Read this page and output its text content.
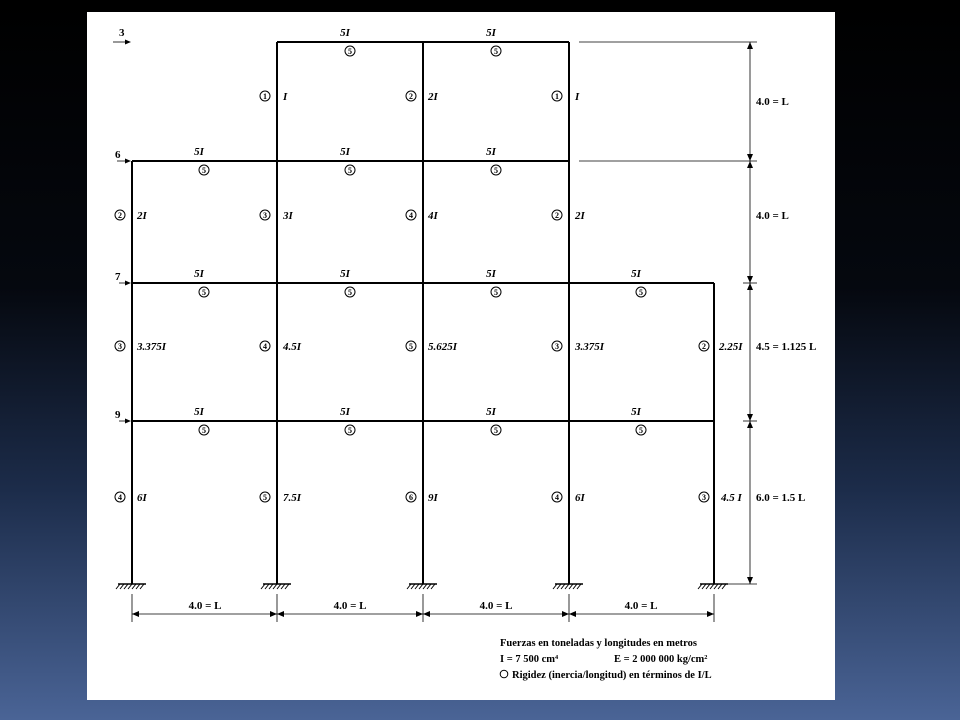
3
6
7
9
5I
5
5I
5
5I
5
5I
5
5I
5
5I
5
5I
5
5I
5
5I
5
5I
5
5I
5
5I
5
5I
5
1 I	2 2I	1 I
2 2I	3 3I	4 4I	2 2I
3 3.375I	4 4.5I	5 5.625I	3 3.375I	2 2.25I
4 6I	5 7.5I	6 9I	4 6I	3 4.5 I
4.0 = L
4.0 = L
4.5 = 1.125 L
6.0 = 1.5 L
4.0 = L	4.0 = L	4.0 = L	4.0 = L
Fuerzas en toneladas y longitudes en metros
I = 7 500 cm⁴	E = 2 000 000 kg/cm²
Rigidez (inercia/longitud) en términos de I/L
